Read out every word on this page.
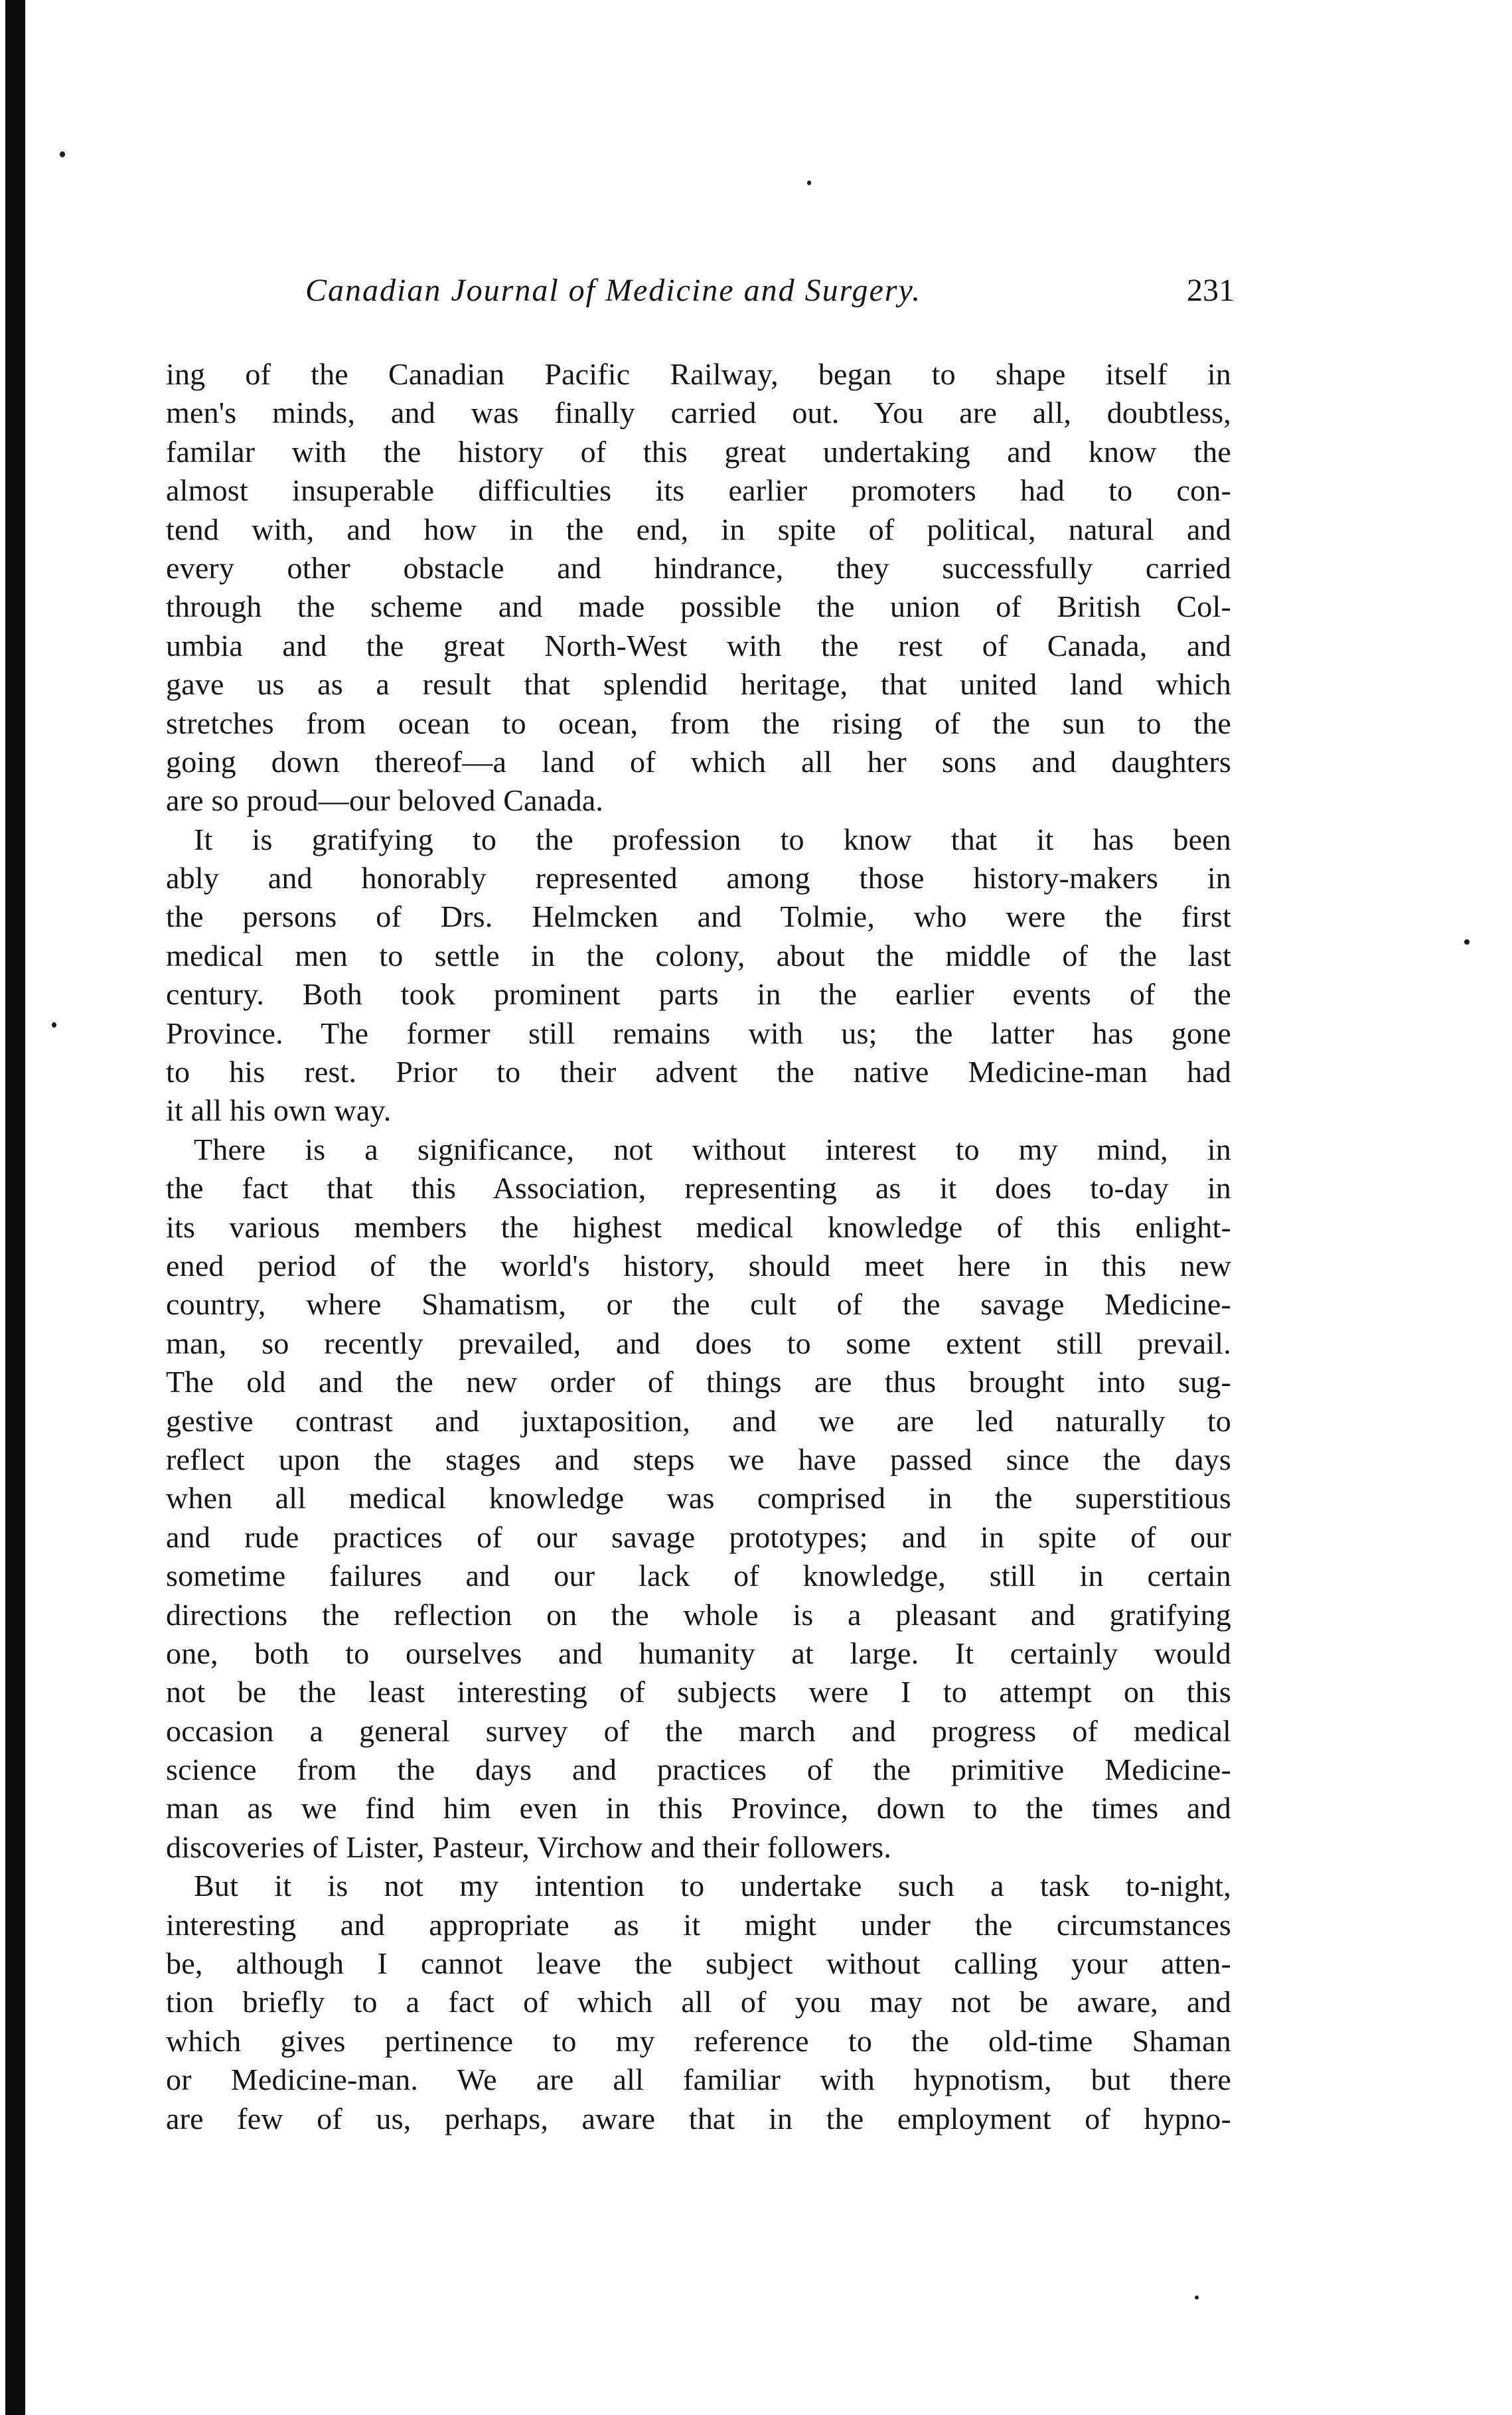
Canadian Journal of Medicine and Surgery.	231
ing of the Canadian Pacific Railway, began to shape itself in
men's minds, and was finally carried out. You are all, doubtless,
familar with the history of this great undertaking and know the
almost insuperable difficulties its earlier promoters had to con-
tend with, and how in the end, in spite of political, natural and
every other obstacle and hindrance, they successfully carried
through the scheme and made possible the union of British Col-
umbia and the great North-West with the rest of Canada, and
gave us as a result that splendid heritage, that united land which
stretches from ocean to ocean, from the rising of the sun to the
going down thereof—a land of which all her sons and daughters
are so proud—our beloved Canada.
It is gratifying to the profession to know that it has been
ably and honorably represented among those history-makers in
the persons of Drs. Helmcken and Tolmie, who were the first
medical men to settle in the colony, about the middle of the last
century. Both took prominent parts in the earlier events of the
Province. The former still remains with us; the latter has gone
to his rest. Prior to their advent the native Medicine-man had
it all his own way.
There is a significance, not without interest to my mind, in
the fact that this Association, representing as it does to-day in
its various members the highest medical knowledge of this enlight-
ened period of the world's history, should meet here in this new
country, where Shamatism, or the cult of the savage Medicine-
man, so recently prevailed, and does to some extent still prevail.
The old and the new order of things are thus brought into sug-
gestive contrast and juxtaposition, and we are led naturally to
reflect upon the stages and steps we have passed since the days
when all medical knowledge was comprised in the superstitious
and rude practices of our savage prototypes; and in spite of our
sometime failures and our lack of knowledge, still in certain
directions the reflection on the whole is a pleasant and gratifying
one, both to ourselves and humanity at large. It certainly would
not be the least interesting of subjects were I to attempt on this
occasion a general survey of the march and progress of medical
science from the days and practices of the primitive Medicine-
man as we find him even in this Province, down to the times and
discoveries of Lister, Pasteur, Virchow and their followers.
But it is not my intention to undertake such a task to-night,
interesting and appropriate as it might under the circumstances
be, although I cannot leave the subject without calling your atten-
tion briefly to a fact of which all of you may not be aware, and
which gives pertinence to my reference to the old-time Shaman
or Medicine-man. We are all familiar with hypnotism, but there
are few of us, perhaps, aware that in the employment of hypno-
